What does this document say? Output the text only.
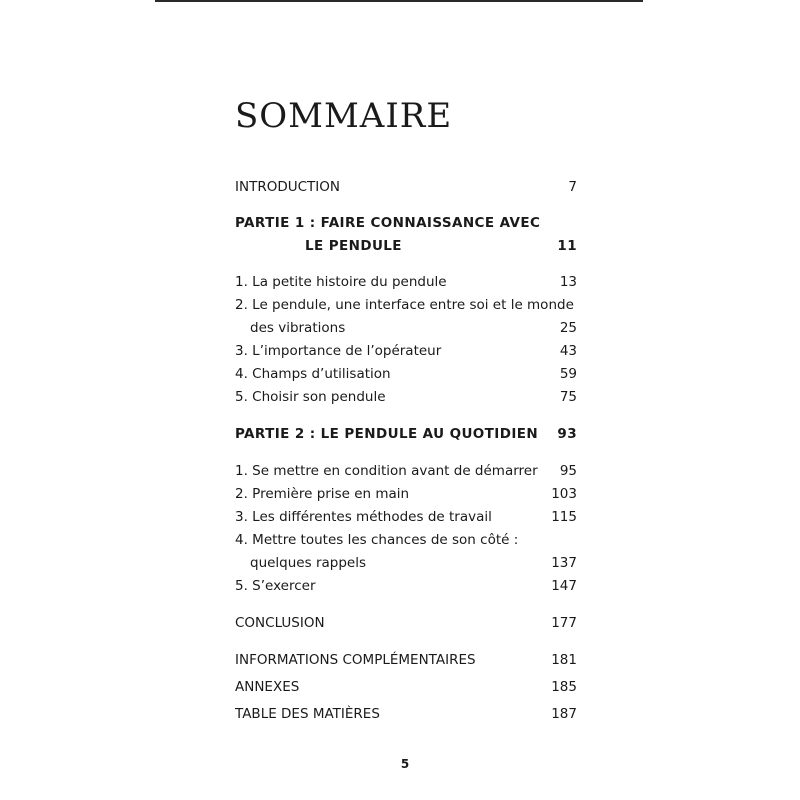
SOMMAIRE
INTRODUCTION	7
PARTIE 1 : FAIRE CONNAISSANCE AVEC
LE PENDULE	11
1. La petite histoire du pendule	13
2. Le pendule, une interface entre soi et le monde
des vibrations	25
3. L’importance de l’opérateur	43
4. Champs d’utilisation	59
5. Choisir son pendule	75
PARTIE 2 : LE PENDULE AU QUOTIDIEN	93
1. Se mettre en condition avant de démarrer	95
2. Première prise en main	103
3. Les différentes méthodes de travail	115
4. Mettre toutes les chances de son côté :
quelques rappels	137
5. S’exercer	147
CONCLUSION	177
INFORMATIONS COMPLÉMENTAIRES	181
ANNEXES	185
TABLE DES MATIÈRES	187
5
